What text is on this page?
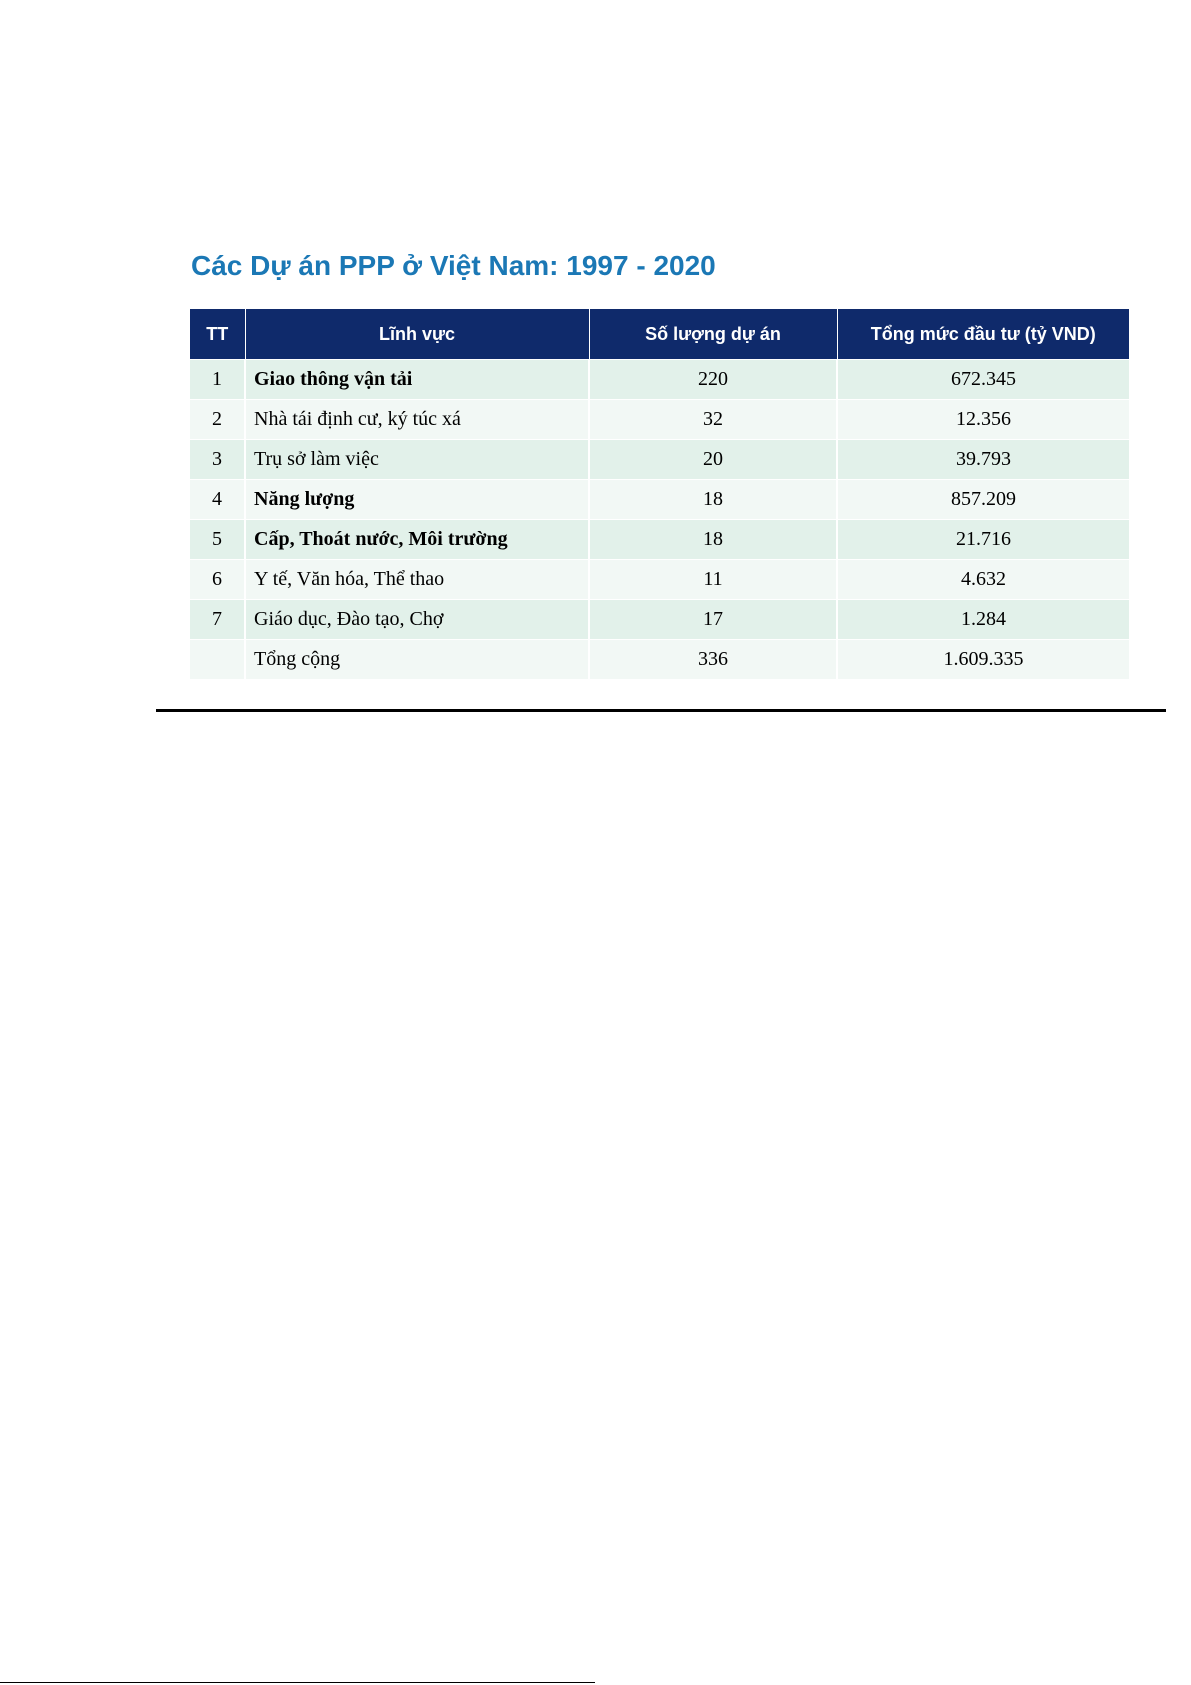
Các Dự án PPP ở Việt Nam: 1997 - 2020
TT	Lĩnh vực	Số lượng dự án	Tổng mức đầu tư (tỷ VND)
1	Giao thông vận tải	220	672.345
2	Nhà tái định cư, ký túc xá	32	12.356
3	Trụ sở làm việc	20	39.793
4	Năng lượng	18	857.209
5	Cấp, Thoát nước, Môi trường	18	21.716
6	Y tế, Văn hóa, Thể thao	11	4.632
7	Giáo dục, Đào tạo, Chợ	17	1.284
	Tổng cộng	336	1.609.335
